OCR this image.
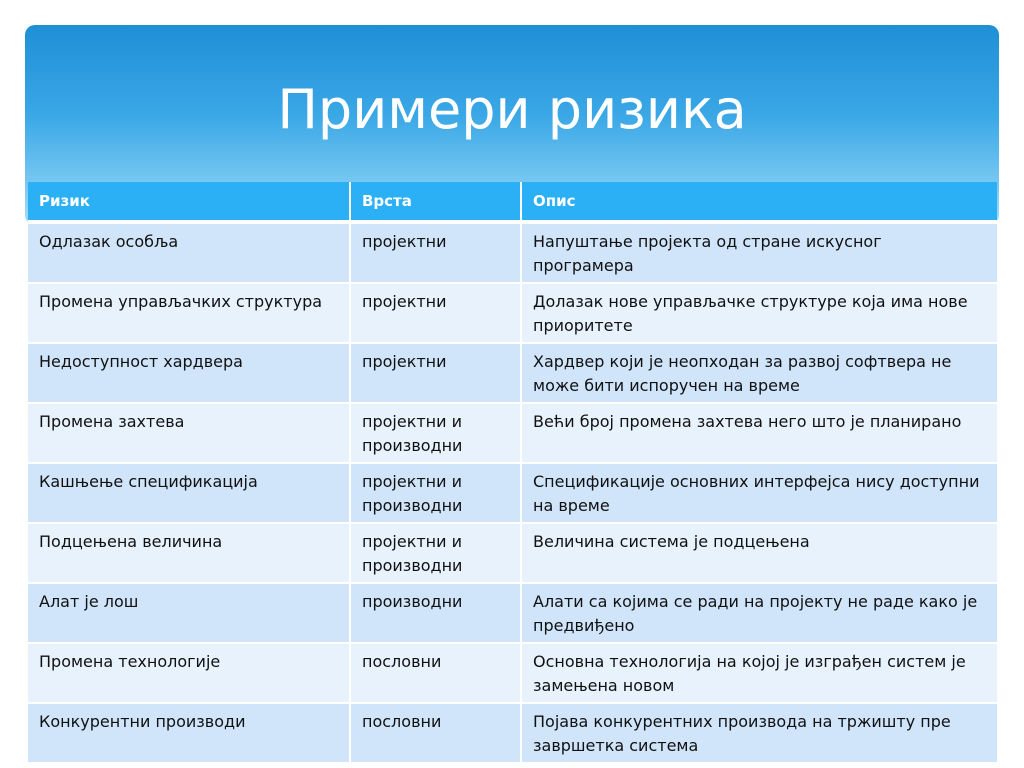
Примери ризика
Ризик	Врста	Опис
Одлазак особља	пројектни	Напуштање пројекта од стране искусног програмера
Промена управљачких структура	пројектни	Долазак нове управљачке структуре која има нове приоритете
Недоступност хардвера	пројектни	Хардвер који је неопходан за развој софтвера не може бити испоручен на време
Промена захтева	пројектни и производни	Већи број промена захтева него што је планирано
Кашњење спецификација	пројектни и производни	Спецификације основних интерфејса нису доступни на време
Подцењена величина	пројектни и производни	Величина система је подцењена
Алат је лош	производни	Алати са којима се ради на пројекту не раде како је предвиђено
Промена технологије	пословни	Основна технологија на којој је изграђен систем је замењена новом
Конкурентни производи	пословни	Појава конкурентних производа на тржишту пре завршетка система
